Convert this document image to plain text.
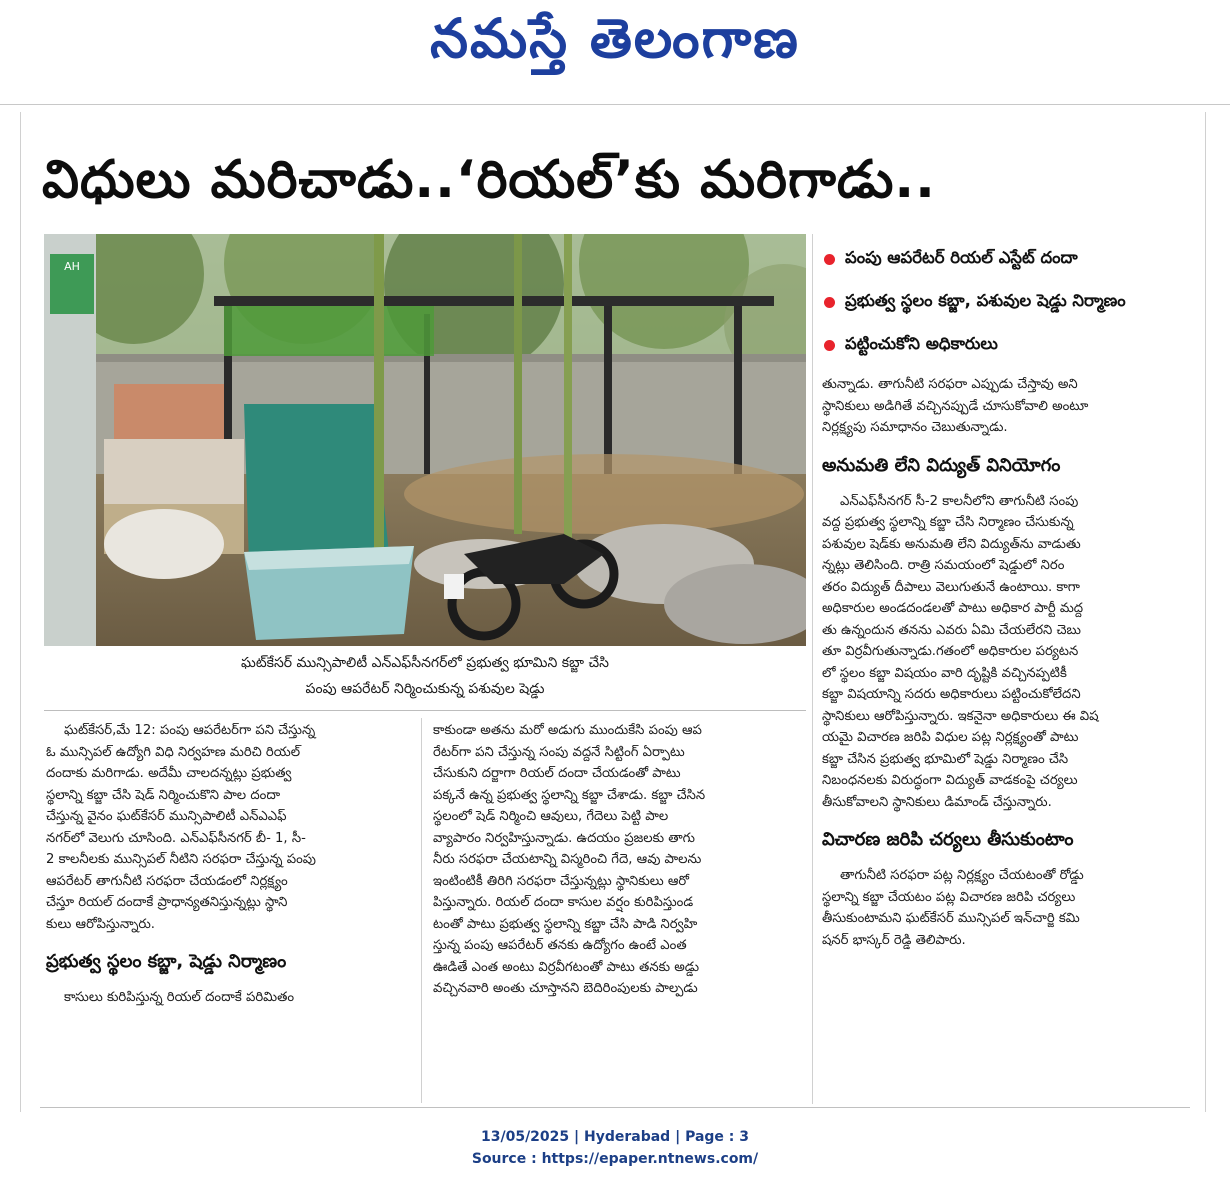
నమస్తే తెలంగాణ
విధులు మరిచాడు..‘రియల్’కు మరిగాడు..
AH
ఘట్‌కేసర్ మున్సిపాలిటీ ఎన్ఎఫ్‌సీనగర్‌లో ప్రభుత్వ భూమిని కబ్జా చేసి
పంపు ఆపరేటర్ నిర్మించుకున్న పశువుల షెడ్డు
పంపు ఆపరేటర్ రియల్ ఎస్టేట్ దందా
ప్రభుత్వ స్థలం కబ్జా, పశువుల షెడ్డు నిర్మాణం
పట్టించుకోని అధికారులు

ఘట్‌కేసర్,మే 12: పంపు ఆపరేటర్‌గా పని చేస్తున్న
ఓ మున్సిపల్ ఉద్యోగి విధి నిర్వహణ మరిచి రియల్
దందాకు మరిగాడు. అదేమీ చాలదన్నట్లు ప్రభుత్వ
స్థలాన్ని కబ్జా చేసి షెడ్ నిర్మించుకొని పాల దందా
చేస్తున్న వైనం ఘట్‌కేసర్ మున్సిపాలిటీ ఎన్ఎఎఫ్
నగర్‌లో వెలుగు చూసింది. ఎన్ఎఫ్‌సీనగర్ బీ- 1, సీ-
2 కాలనీలకు మున్సిపల్ నీటిని సరఫరా చేస్తున్న పంపు
ఆపరేటర్ తాగునీటి సరఫరా చేయడంలో నిర్లక్ష్యం
చేస్తూ రియల్ దందాకే ప్రాధాన్యతనిస్తున్నట్లు స్థాని
కులు ఆరోపిస్తున్నారు.

ప్రభుత్వ స్థలం కబ్జా, షెడ్డు నిర్మాణం

కాసులు కురిపిస్తున్న రియల్ దందాకే పరిమితం

కాకుండా అతను మరో అడుగు ముందుకేసి పంపు ఆప
రేటర్‌గా పని చేస్తున్న సంపు వద్దనే సిట్టింగ్ ఏర్పాటు
చేసుకుని దర్జాగా రియల్ దందా చేయడంతో పాటు
పక్కనే ఉన్న ప్రభుత్వ స్థలాన్ని కబ్జా చేశాడు. కబ్జా చేసిన
స్థలంలో షెడ్ నిర్మించి ఆవులు, గేదెలు పెట్టి పాల
వ్యాపారం నిర్వహిస్తున్నాడు. ఉదయం ప్రజలకు తాగు
నీరు సరఫరా చేయటాన్ని విస్మరించి గేదె, ఆవు పాలను
ఇంటింటికీ తిరిగి సరఫరా చేస్తున్నట్లు స్థానికులు ఆరో
పిస్తున్నారు. రియల్ దందా కాసుల వర్షం కురిపిస్తుండ
టంతో పాటు ప్రభుత్వ స్థలాన్ని కబ్జా చేసి పాడి నిర్వహి
స్తున్న పంపు ఆపరేటర్ తనకు ఉద్యోగం ఉంటే ఎంత
ఊడితే ఎంత అంటు విర్రవీగటంతో పాటు తనకు అడ్డు
వచ్చినవారి అంతు చూస్తానని బెదిరింపులకు పాల్పడు

తున్నాడు. తాగునీటి సరఫరా ఎప్పుడు చేస్తావు అని
స్థానికులు అడిగితే వచ్చినప్పుడే చూసుకోవాలి అంటూ
నిర్లక్ష్యపు సమాధానం చెబుతున్నాడు.

అనుమతి లేని విద్యుత్ వినియోగం

ఎన్ఎఫ్‌సీనగర్ సీ-2 కాలనీలోని తాగునీటి సంపు
వద్ద ప్రభుత్వ స్థలాన్ని కబ్జా చేసి నిర్మాణం చేసుకున్న
పశువుల షెడ్‌కు అనుమతి లేని విద్యుత్‌ను వాడుతు
న్నట్లు తెలిసింది. రాత్రి సమయంలో షెడ్డులో నిరం
తరం విద్యుత్ దీపాలు వెలుగుతునే ఉంటాయి. కాగా
అధికారుల అండదండలతో పాటు అధికార పార్టీ మద్ద
తు ఉన్నందున తనను ఎవరు ఏమి చేయలేరని చెబు
తూ విర్రవీగుతున్నాడు.గతంలో అధికారుల పర్యటన
లో స్థలం కబ్జా విషయం వారి దృష్టికి వచ్చినప్పటికీ
కబ్జా విషయాన్ని సదరు అధికారులు పట్టించుకోలేదని
స్థానికులు ఆరోపిస్తున్నారు. ఇకనైనా అధికారులు ఈ విష
యమై విచారణ జరిపి విధుల పట్ల నిర్లక్ష్యంతో పాటు
కబ్జా చేసిన ప్రభుత్వ భూమిలో షెడ్డు నిర్మాణం చేసి
నిబంధనలకు విరుద్ధంగా విద్యుత్ వాడకంపై చర్యలు
తీసుకోవాలని స్థానికులు డిమాండ్ చేస్తున్నారు.

విచారణ జరిపి చర్యలు తీసుకుంటాం

తాగునీటి సరఫరా పట్ల నిర్లక్ష్యం చేయటంతో రోడ్డు
స్థలాన్ని కబ్జా చేయటం పట్ల విచారణ జరిపి చర్యలు
తీసుకుంటామని ఘట్‌కేసర్ మున్సిపల్ ఇన్‌చార్జి కమి
షనర్ భాస్కర్ రెడ్డి తెలిపారు.

13/05/2025 | Hyderabad | Page : 3
Source : https://epaper.ntnews.com/
